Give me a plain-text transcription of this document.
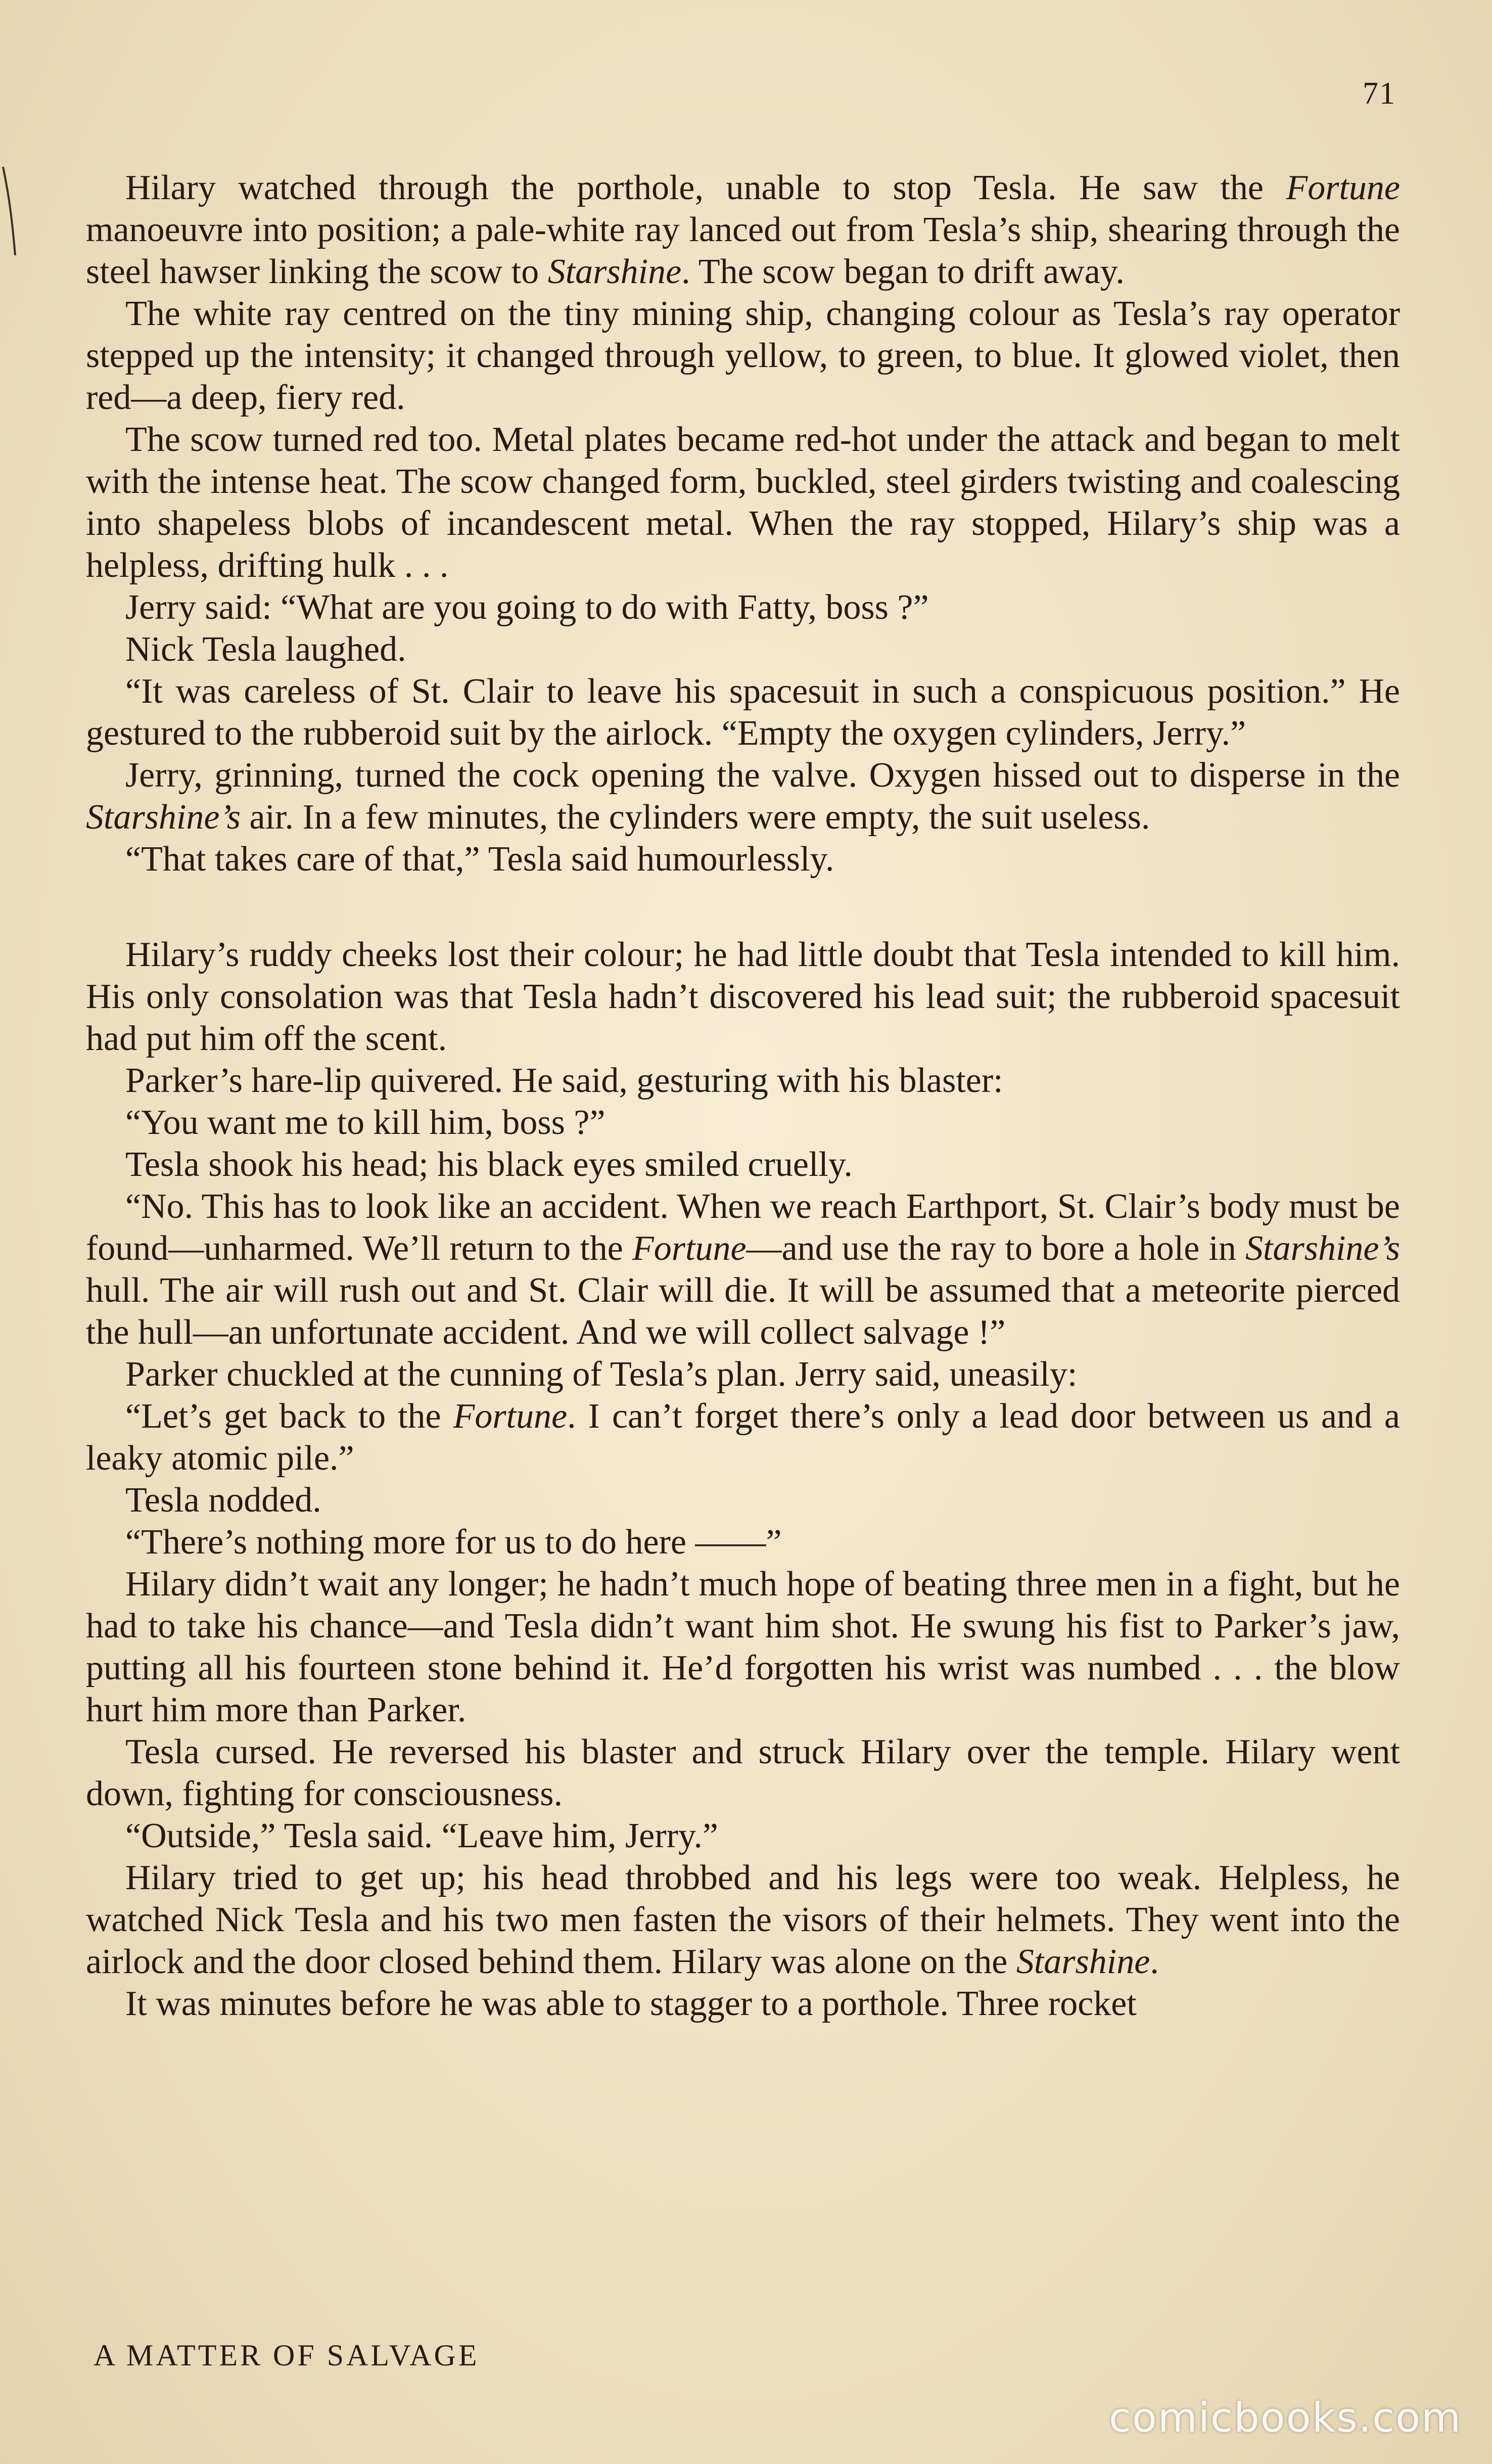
71

Hilary watched through the porthole, unable to stop Tesla. He saw the Fortune manoeuvre into position; a pale-white ray lanced out from Tesla’s ship, shearing through the steel hawser linking the scow to Starshine. The scow began to drift away.

The white ray centred on the tiny mining ship, changing colour as Tesla’s ray operator stepped up the intensity; it changed through yellow, to green, to blue. It glowed violet, then red—a deep, fiery red.

The scow turned red too. Metal plates became red-hot under the attack and began to melt with the intense heat. The scow changed form, buckled, steel girders twisting and coalescing into shapeless blobs of incandescent metal. When the ray stopped, Hilary’s ship was a helpless, drifting hulk . . .

Jerry said: “What are you going to do with Fatty, boss ?”

Nick Tesla laughed.

“It was careless of St. Clair to leave his spacesuit in such a conspicuous position.” He gestured to the rubberoid suit by the airlock. “Empty the oxygen cylinders, Jerry.”

Jerry, grinning, turned the cock opening the valve. Oxygen hissed out to disperse in the Starshine’s air. In a few minutes, the cylinders were empty, the suit useless.

“That takes care of that,” Tesla said humourlessly.

Hilary’s ruddy cheeks lost their colour; he had little doubt that Tesla intended to kill him. His only consolation was that Tesla hadn’t discovered his lead suit; the rubberoid spacesuit had put him off the scent.

Parker’s hare-lip quivered. He said, gesturing with his blaster:

“You want me to kill him, boss ?”

Tesla shook his head; his black eyes smiled cruelly.

“No. This has to look like an accident. When we reach Earthport, St. Clair’s body must be found—unharmed. We’ll return to the Fortune—and use the ray to bore a hole in Starshine’s hull. The air will rush out and St. Clair will die. It will be assumed that a meteorite pierced the hull—an unfortunate accident. And we will collect salvage !”

Parker chuckled at the cunning of Tesla’s plan. Jerry said, uneasily:

“Let’s get back to the Fortune. I can’t forget there’s only a lead door between us and a leaky atomic pile.”

Tesla nodded.

“There’s nothing more for us to do here ——”

Hilary didn’t wait any longer; he hadn’t much hope of beating three men in a fight, but he had to take his chance—and Tesla didn’t want him shot. He swung his fist to Parker’s jaw, putting all his fourteen stone behind it. He’d forgotten his wrist was numbed . . . the blow hurt him more than Parker.

Tesla cursed. He reversed his blaster and struck Hilary over the temple. Hilary went down, fighting for consciousness.

“Outside,” Tesla said. “Leave him, Jerry.”

Hilary tried to get up; his head throbbed and his legs were too weak. Helpless, he watched Nick Tesla and his two men fasten the visors of their helmets. They went into the airlock and the door closed behind them. Hilary was alone on the Starshine.

It was minutes before he was able to stagger to a porthole. Three rocket

A MATTER OF SALVAGE
comicbooks.com
